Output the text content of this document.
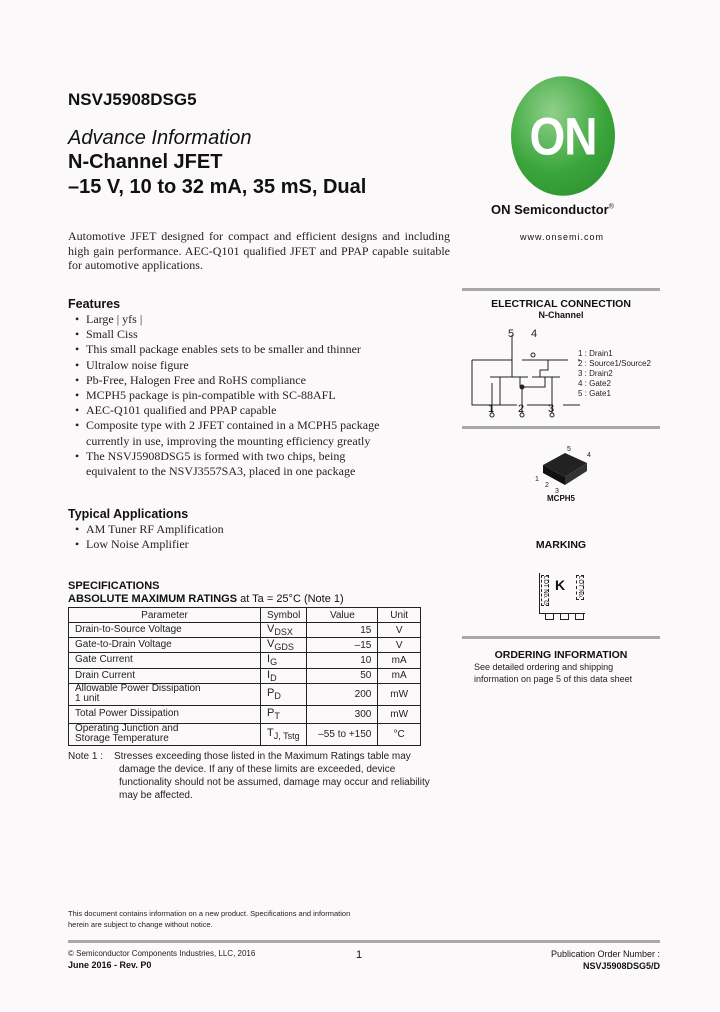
NSVJ5908DSG5
Advance Information
N-Channel JFET
–15 V, 10 to 32 mA, 35 mS, Dual
ON
ON Semiconductor®
www.onsemi.com
Automotive JFET designed for compact and efficient designs and including high gain performance. AEC-Q101 qualified JFET and PPAP capable suitable for automotive applications.
Features
• Large | yfs |
• Small Ciss
• This small package enables sets to be smaller and thinner
• Ultralow noise figure
• Pb-Free, Halogen Free and RoHS compliance
• MCPH5 package is pin-compatible with SC-88AFL
• AEC-Q101 qualified and PPAP capable
• Composite type with 2 JFET contained in a MCPH5 package currently in use, improving the mounting efficiency greatly
• The NSVJ5908DSG5 is formed with two chips, being equivalent to the NSVJ3557SA3, placed in one package
Typical Applications
• AM Tuner RF Amplification
• Low Noise Amplifier
SPECIFICATIONS
ABSOLUTE MAXIMUM RATINGS at Ta = 25°C (Note 1)
Parameter	Symbol	Value	Unit
Drain-to-Source Voltage	$V_{DSX}$	15	V
Gate-to-Drain Voltage	$V_{GDS}$	–15	V
Gate Current	$I_G$	10	mA
Drain Current	$I_D$	50	mA
Allowable Power Dissipation
1 unit	$P_D$	200	mW
Total Power Dissipation	$P_T$	300	mW
Operating Junction and
Storage Temperature	$T_{J, Tstg}$	–55 to +150	°C
Note 1 :	Stresses exceeding those listed in the Maximum Ratings table may damage the device. If any of these limits are exceeded, device functionality should not be assumed, damage may occur and reliability may be affected.
ELECTRICAL CONNECTION
N-Channel
5 4
1 2 3
1 : Drain1
2 : Source1/Source2
3 : Drain2
4 : Gate2
5 : Gate1
5
4
1
2
3
MCPH5
MARKING
K
LOT No. G	LOT No.
ORDERING INFORMATION
See detailed ordering and shipping information on page 5 of this data sheet
This document contains information on a new product. Specifications and information herein are subject to change without notice.
© Semiconductor Components Industries, LLC, 2016
June 2016 - Rev. P0
1	Publication Order Number :
NSVJ5908DSG5/D
